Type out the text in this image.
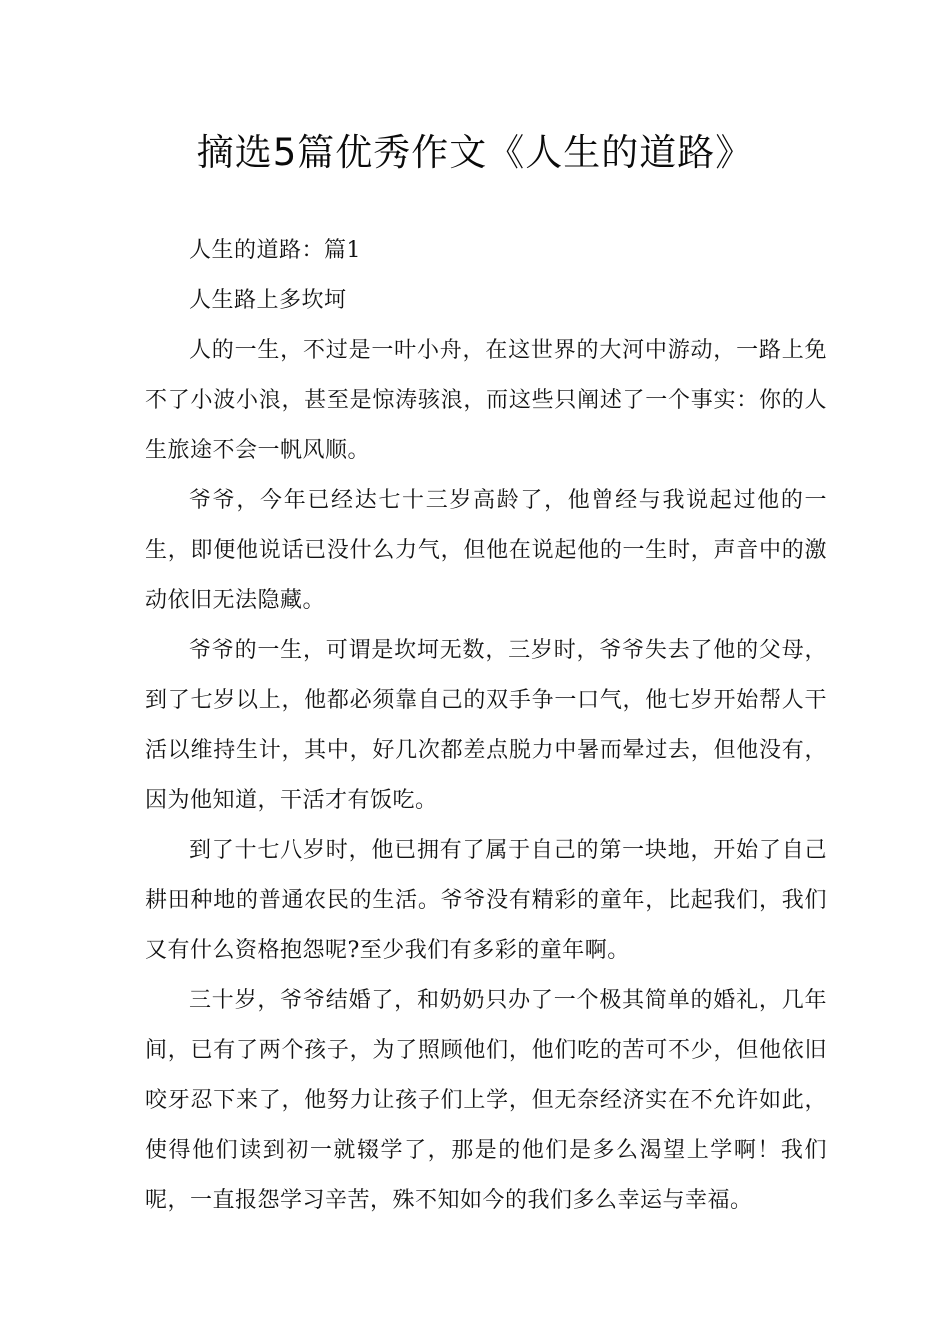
摘选5篇优秀作文《人生的道路》

人生的道路：篇1

人生路上多坎坷

人的一生，不过是一叶小舟，在这世界的大河中游动，一路上免不了小波小浪，甚至是惊涛骇浪，而这些只阐述了一个事实：你的人生旅途不会一帆风顺。

爷爷，今年已经达七十三岁高龄了，他曾经与我说起过他的一生，即便他说话已没什么力气，但他在说起他的一生时，声音中的激动依旧无法隐藏。

爷爷的一生，可谓是坎坷无数，三岁时，爷爷失去了他的父母，到了七岁以上，他都必须靠自己的双手争一口气，他七岁开始帮人干活以维持生计，其中，好几次都差点脱力中暑而晕过去，但他没有，因为他知道，干活才有饭吃。

到了十七八岁时，他已拥有了属于自己的第一块地，开始了自己耕田种地的普通农民的生活。爷爷没有精彩的童年，比起我们，我们又有什么资格抱怨呢?至少我们有多彩的童年啊。

三十岁，爷爷结婚了，和奶奶只办了一个极其简单的婚礼，几年间，已有了两个孩子，为了照顾他们，他们吃的苦可不少，但他依旧咬牙忍下来了，他努力让孩子们上学，但无奈经济实在不允许如此，使得他们读到初一就辍学了，那是的他们是多么渴望上学啊！我们呢，一直报怨学习辛苦，殊不知如今的我们多么幸运与幸福。
